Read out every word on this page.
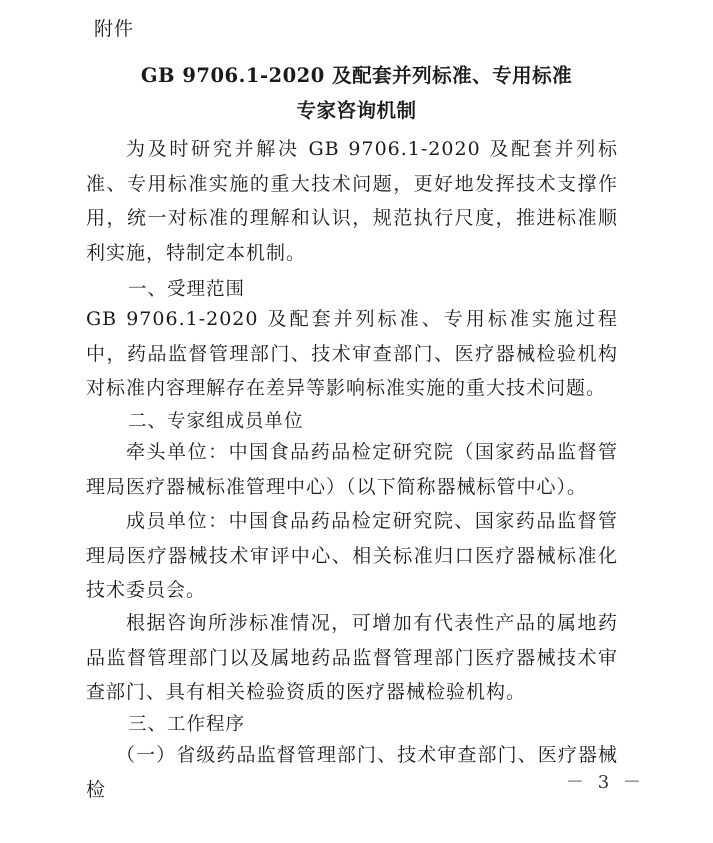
附件
GB 9706.1-2020 及配套并列标准、专用标准
专家咨询机制
为及时研究并解决 GB 9706.1-2020 及配套并列标准、专用标准实施的重大技术问题，更好地发挥技术支撑作用，统一对标准的理解和认识，规范执行尺度，推进标准顺利实施，特制定本机制。
一、受理范围
GB 9706.1-2020 及配套并列标准、专用标准实施过程中，药品监督管理部门、技术审查部门、医疗器械检验机构对标准内容理解存在差异等影响标准实施的重大技术问题。
二、专家组成员单位
牵头单位：中国食品药品检定研究院（国家药品监督管理局医疗器械标准管理中心）（以下简称器械标管中心）。
成员单位：中国食品药品检定研究院、国家药品监督管理局医疗器械技术审评中心、相关标准归口医疗器械标准化技术委员会。
根据咨询所涉标准情况，可增加有代表性产品的属地药品监督管理部门以及属地药品监督管理部门医疗器械技术审查部门、具有相关检验资质的医疗器械检验机构。
三、工作程序
（一）省级药品监督管理部门、技术审查部门、医疗器械检	－ 3 －
